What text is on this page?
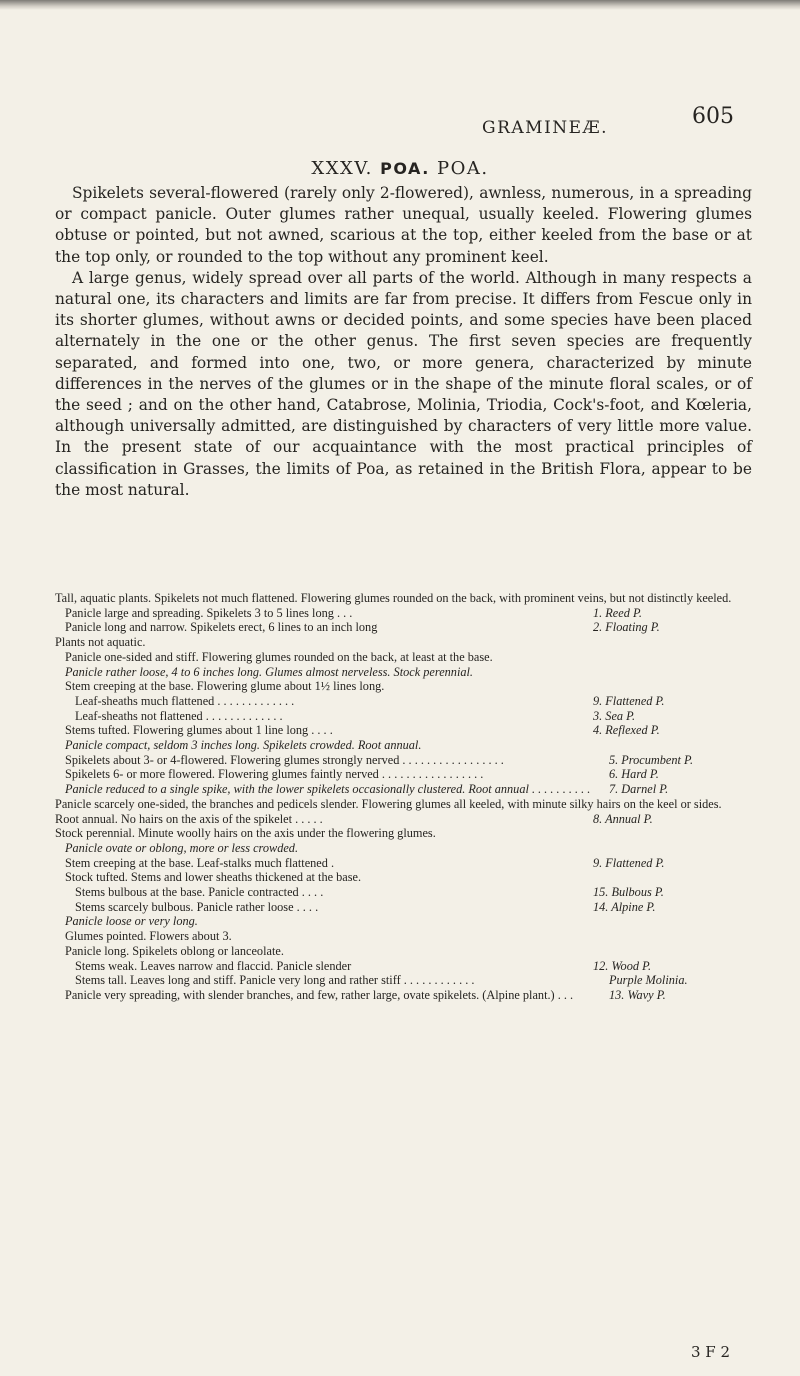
GRAMINEÆ.	605
XXXV. POA. POA.

Spikelets several-flowered (rarely only 2-flowered), awnless, numerous, in a spreading or compact panicle. Outer glumes rather unequal, usually keeled. Flowering glumes obtuse or pointed, but not awned, scarious at the top, either keeled from the base or at the top only, or rounded to the top without any prominent keel.

A large genus, widely spread over all parts of the world. Although in many respects a natural one, its characters and limits are far from precise. It differs from Fescue only in its shorter glumes, without awns or decided points, and some species have been placed alternately in the one or the other genus. The first seven species are frequently separated, and formed into one, two, or more genera, characterized by minute differences in the nerves of the glumes or in the shape of the minute floral scales, or of the seed ; and on the other hand, Catabrose, Molinia, Triodia, Cock's-foot, and Kœleria, although universally admitted, are distinguished by characters of very little more value. In the present state of our acquaintance with the most practical principles of classification in Grasses, the limits of Poa, as retained in the British Flora, appear to be the most natural.

Tall, aquatic plants. Spikelets not much flattened. Flowering glumes rounded on the back, with prominent veins, but not distinctly keeled.
Panicle large and spreading. Spikelets 3 to 5 lines long . . .	1. Reed P.
Panicle long and narrow. Spikelets erect, 6 lines to an inch long	2. Floating P.
Plants not aquatic.
Panicle one-sided and stiff. Flowering glumes rounded on the back, at least at the base.
Panicle rather loose, 4 to 6 inches long. Glumes almost nerveless. Stock perennial.
Stem creeping at the base. Flowering glume about 1½ lines long.
Leaf-sheaths much flattened . . . . . . . . . . . . .	9. Flattened P.
Leaf-sheaths not flattened . . . . . . . . . . . . .	3. Sea P.
Stems tufted. Flowering glumes about 1 line long . . . .	4. Reflexed P.
Panicle compact, seldom 3 inches long. Spikelets crowded. Root annual.
Spikelets about 3- or 4-flowered. Flowering glumes strongly nerved . . . . . . . . . . . . . . . . .	5. Procumbent P.
Spikelets 6- or more flowered. Flowering glumes faintly nerved . . . . . . . . . . . . . . . . .	6. Hard P.
Panicle reduced to a single spike, with the lower spikelets occasionally clustered. Root annual . . . . . . . . . .	7. Darnel P.
Panicle scarcely one-sided, the branches and pedicels slender. Flowering glumes all keeled, with minute silky hairs on the keel or sides.
Root annual. No hairs on the axis of the spikelet . . . . .	8. Annual P.
Stock perennial. Minute woolly hairs on the axis under the flowering glumes.
Panicle ovate or oblong, more or less crowded.
Stem creeping at the base. Leaf-stalks much flattened .	9. Flattened P.
Stock tufted. Stems and lower sheaths thickened at the base.
Stems bulbous at the base. Panicle contracted . . . .	15. Bulbous P.
Stems scarcely bulbous. Panicle rather loose . . . .	14. Alpine P.
Panicle loose or very long.
Glumes pointed. Flowers about 3.
Panicle long. Spikelets oblong or lanceolate.
Stems weak. Leaves narrow and flaccid. Panicle slender	12. Wood P.
Stems tall. Leaves long and stiff. Panicle very long and rather stiff . . . . . . . . . . . .	Purple Molinia.
Panicle very spreading, with slender branches, and few, rather large, ovate spikelets. (Alpine plant.) . . .	13. Wavy P.
3 F 2
